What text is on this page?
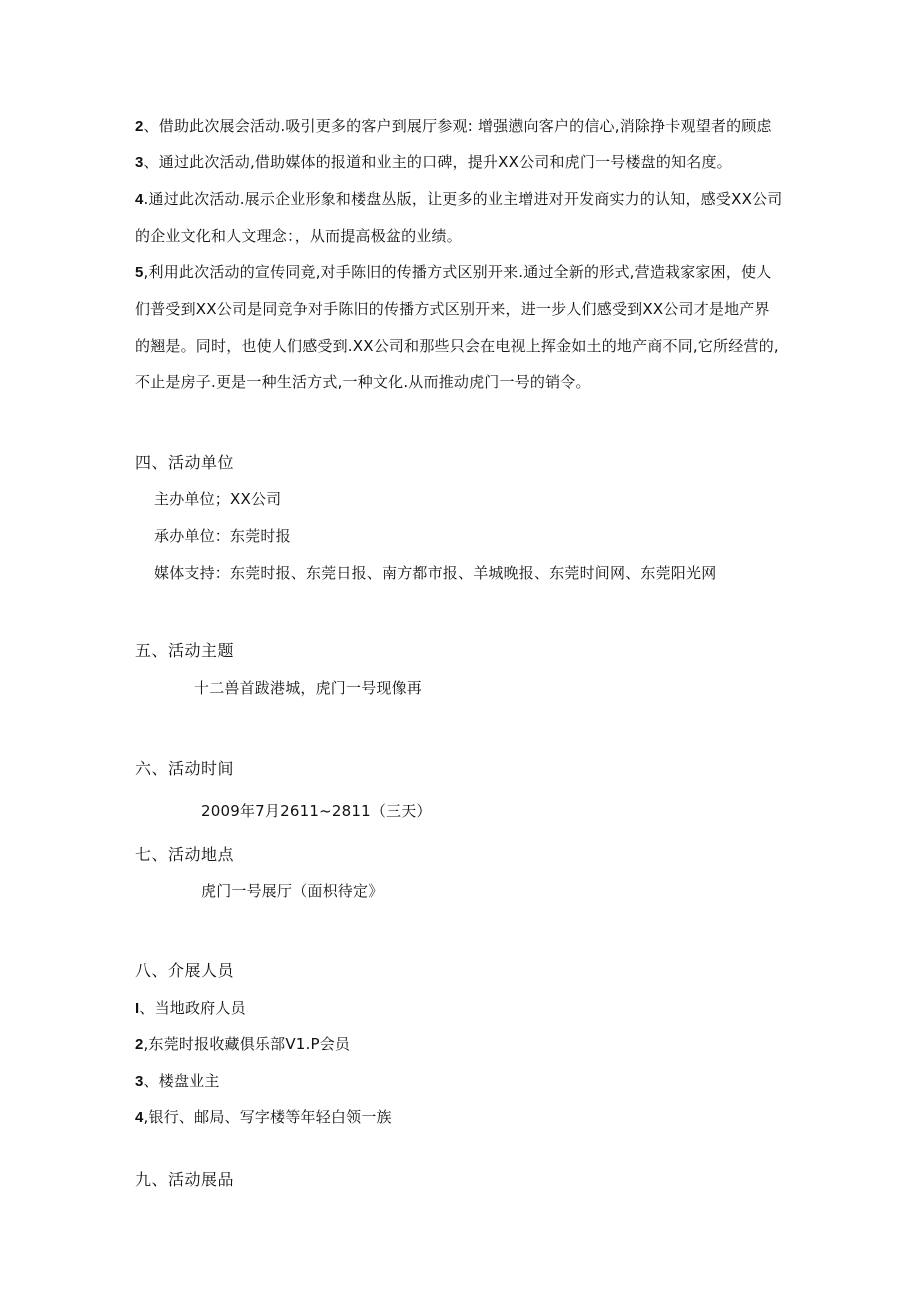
2、借助此次展会活动.吸引更多的客户到展厅参观: 增强懑向客户的信心,消除挣卡观望者的顾虑
3、通过此次活动,借助媒体的报道和业主的口碑，提升XX公司和虎门一号楼盘的知名度。
4.通过此次活动.展示企业形象和楼盘丛版，让更多的业主增进对开发商实力的认知，感受XX公司
的企业文化和人文理念：，从而提高极盆的业绩。
5,利用此次活动的宣传同竟,对手陈旧的传播方式区别开来.通过全新的形式,营造栽家家困，使人
们普受到XX公司是同竞争对手陈旧的传播方式区别开来，进一步人们感受到XX公司才是地产界
的翘是。同时，也使人们感受到.XX公司和那些只会在电视上挥金如土的地产商不同,它所经营的,
不止是房子.更是一种生活方式,一种文化.从而推动虎门一号的销令。
四、活动单位
主办单位；XX公司
承办单位：东莞时报
媒体支持：东莞时报、东莞日报、南方都市报、羊城晚报、东莞时间网、东莞阳光网
五、活动主题
十二兽首跋港城，虎门一号现像再
六、活动时间
2009年7月2611~2811（三天）
七、活动地点
虎门一号展厅（面枳待定》
八、介展人员
I、当地政府人员
2,东莞时报收藏俱乐部V1.P会员
3、楼盘业主
4,银行、邮局、写字楼等年轻白领一族
九、活动展品
